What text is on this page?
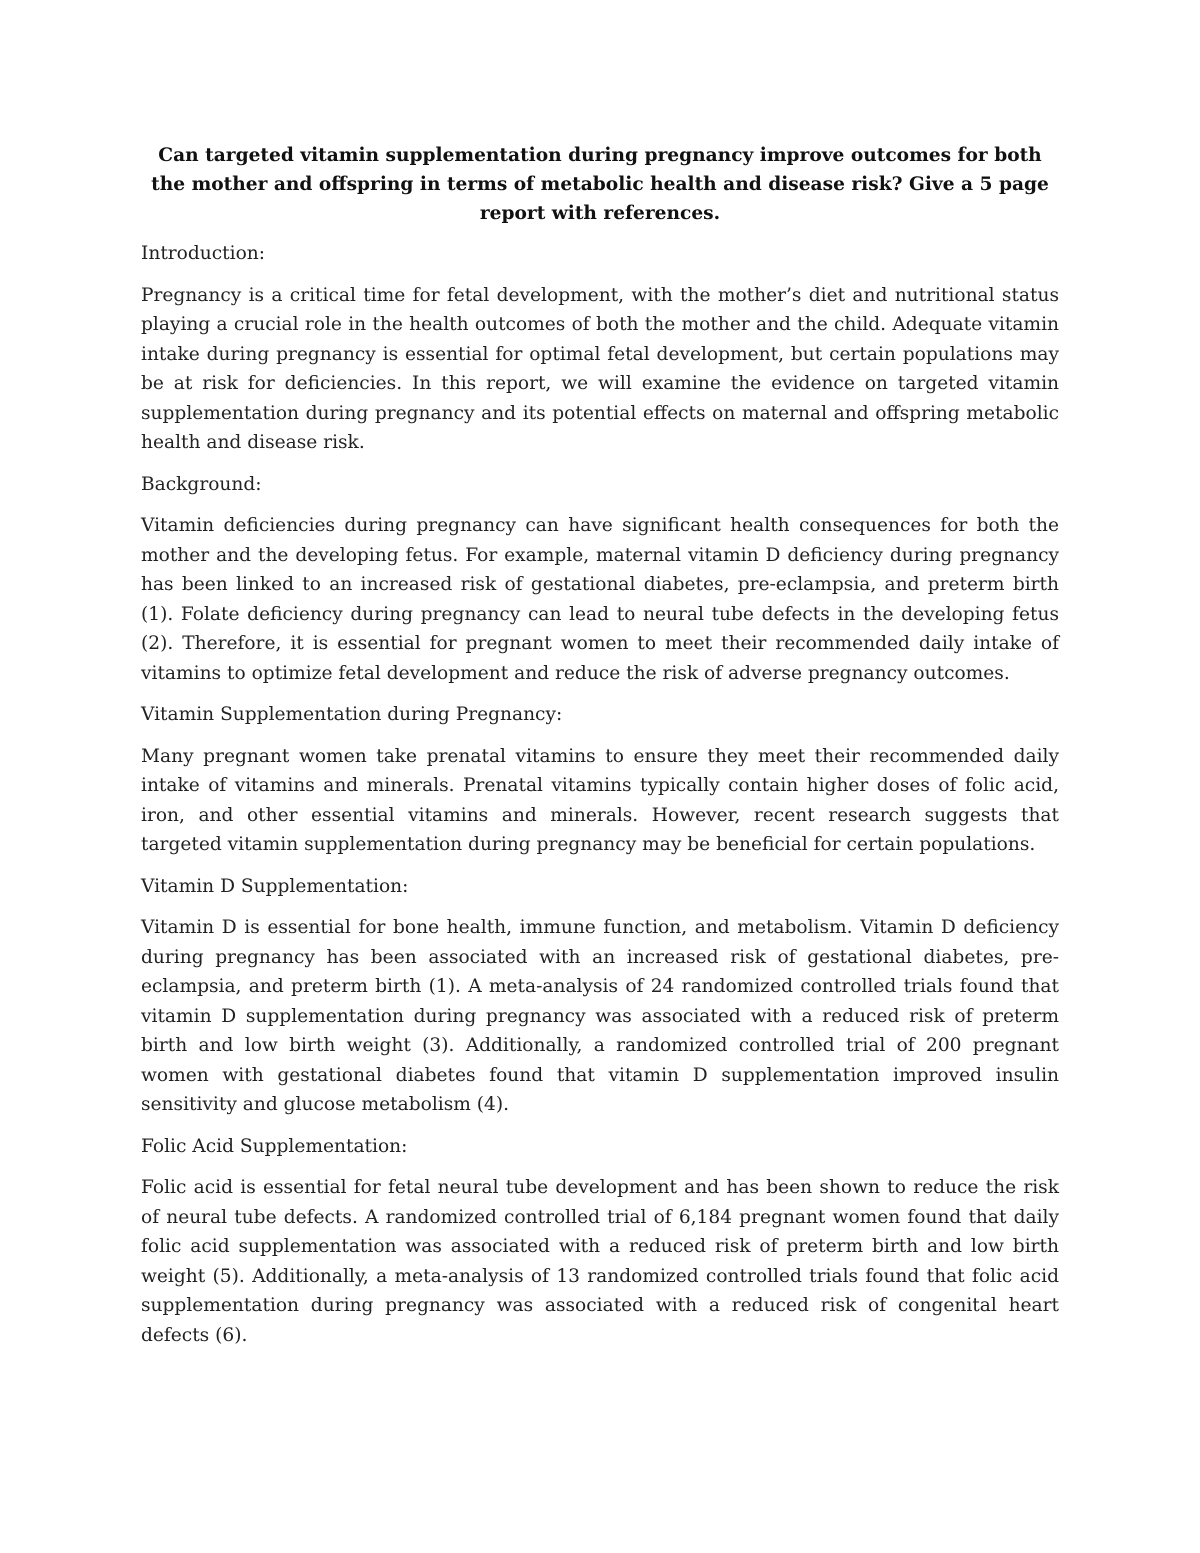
Can targeted vitamin supplementation during pregnancy improve outcomes for both the mother and offspring in terms of metabolic health and disease risk? Give a 5 page report with references.
Introduction:
Pregnancy is a critical time for fetal development, with the mother’s diet and nutritional status playing a crucial role in the health outcomes of both the mother and the child. Adequate vitamin intake during pregnancy is essential for optimal fetal development, but certain populations may be at risk for deficiencies. In this report, we will examine the evidence on targeted vitamin supplementation during pregnancy and its potential effects on maternal and offspring metabolic health and disease risk.
Background:
Vitamin deficiencies during pregnancy can have significant health consequences for both the mother and the developing fetus. For example, maternal vitamin D deficiency during pregnancy has been linked to an increased risk of gestational diabetes, pre-eclampsia, and preterm birth (1). Folate deficiency during pregnancy can lead to neural tube defects in the developing fetus (2). Therefore, it is essential for pregnant women to meet their recommended daily intake of vitamins to optimize fetal development and reduce the risk of adverse pregnancy outcomes.
Vitamin Supplementation during Pregnancy:
Many pregnant women take prenatal vitamins to ensure they meet their recommended daily intake of vitamins and minerals. Prenatal vitamins typically contain higher doses of folic acid, iron, and other essential vitamins and minerals. However, recent research suggests that targeted vitamin supplementation during pregnancy may be beneficial for certain populations.
Vitamin D Supplementation:
Vitamin D is essential for bone health, immune function, and metabolism. Vitamin D deficiency during pregnancy has been associated with an increased risk of gestational diabetes, pre-eclampsia, and preterm birth (1). A meta-analysis of 24 randomized controlled trials found that vitamin D supplementation during pregnancy was associated with a reduced risk of preterm birth and low birth weight (3). Additionally, a randomized controlled trial of 200 pregnant women with gestational diabetes found that vitamin D supplementation improved insulin sensitivity and glucose metabolism (4).
Folic Acid Supplementation:
Folic acid is essential for fetal neural tube development and has been shown to reduce the risk of neural tube defects. A randomized controlled trial of 6,184 pregnant women found that daily folic acid supplementation was associated with a reduced risk of preterm birth and low birth weight (5). Additionally, a meta-analysis of 13 randomized controlled trials found that folic acid supplementation during pregnancy was associated with a reduced risk of congenital heart defects (6).
